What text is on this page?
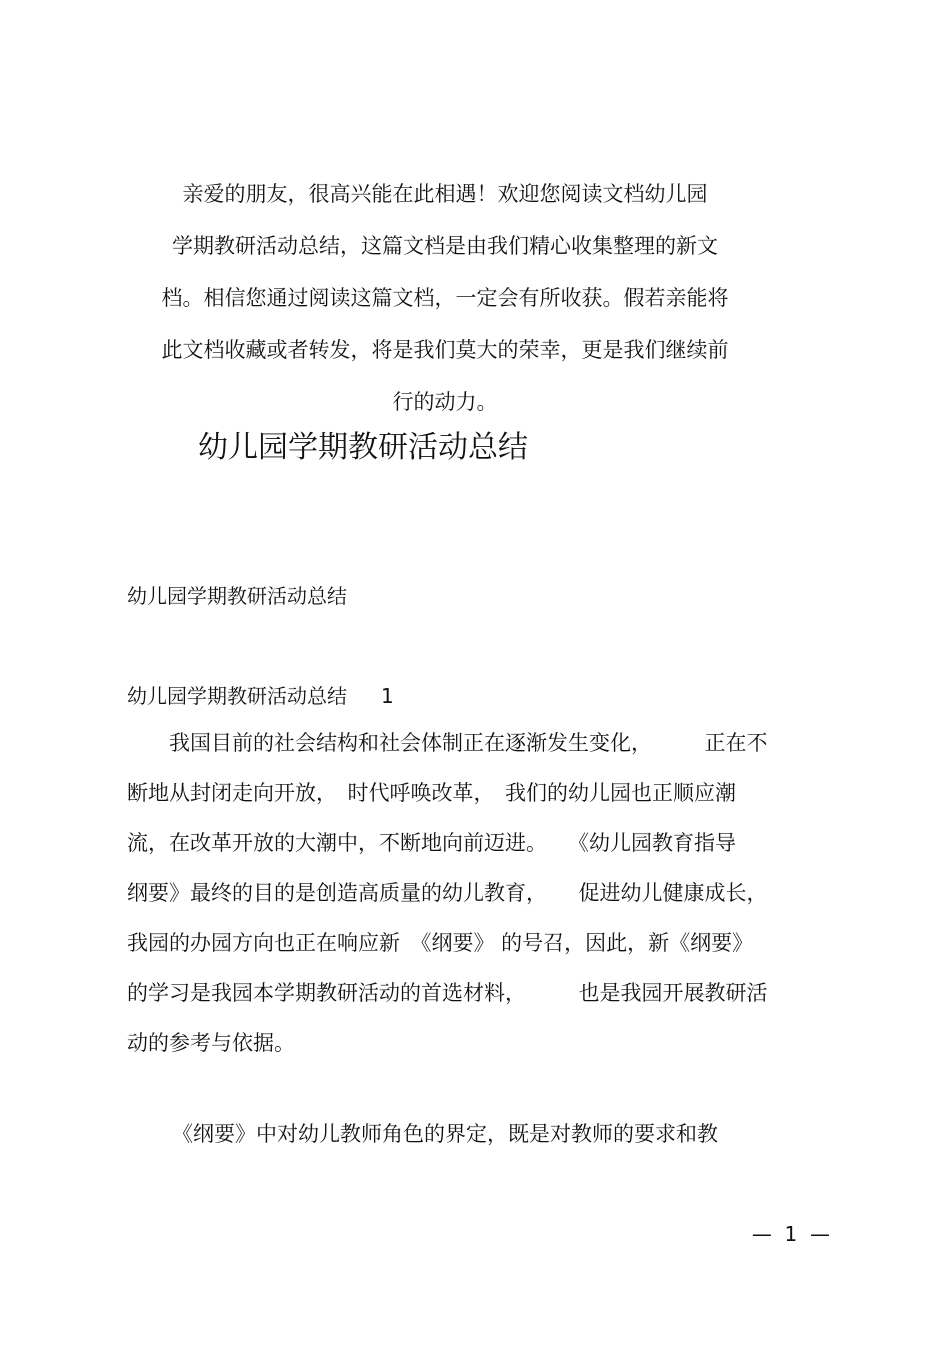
亲爱的朋友，很高兴能在此相遇！欢迎您阅读文档幼儿园
学期教研活动总结，这篇文档是由我们精心收集整理的新文
档。相信您通过阅读这篇文档，一定会有所收获。假若亲能将
此文档收藏或者转发，将是我们莫大的荣幸，更是我们继续前
行的动力。
幼儿园学期教研活动总结
幼儿园学期教研活动总结
幼儿园学期教研活动总结 1
　　我国目前的社会结构和社会体制正在逐渐发生变化，　　　正在不
断地从封闭走向开放，　时代呼唤改革，　我们的幼儿园也正顺应潮
流，在改革开放的大潮中，不断地向前迈进。　　《幼儿园教育指导
纲要》最终的目的是创造高质量的幼儿教育，　　促进幼儿健康成长，
我园的办园方向也正在响应新　《纲要》 的号召，因此，新《纲要》
的学习是我园本学期教研活动的首选材料，　　　也是我园开展教研活
动的参考与依据。
《纲要》中对幼儿教师角色的界定，既是对教师的要求和教
—  1  —
